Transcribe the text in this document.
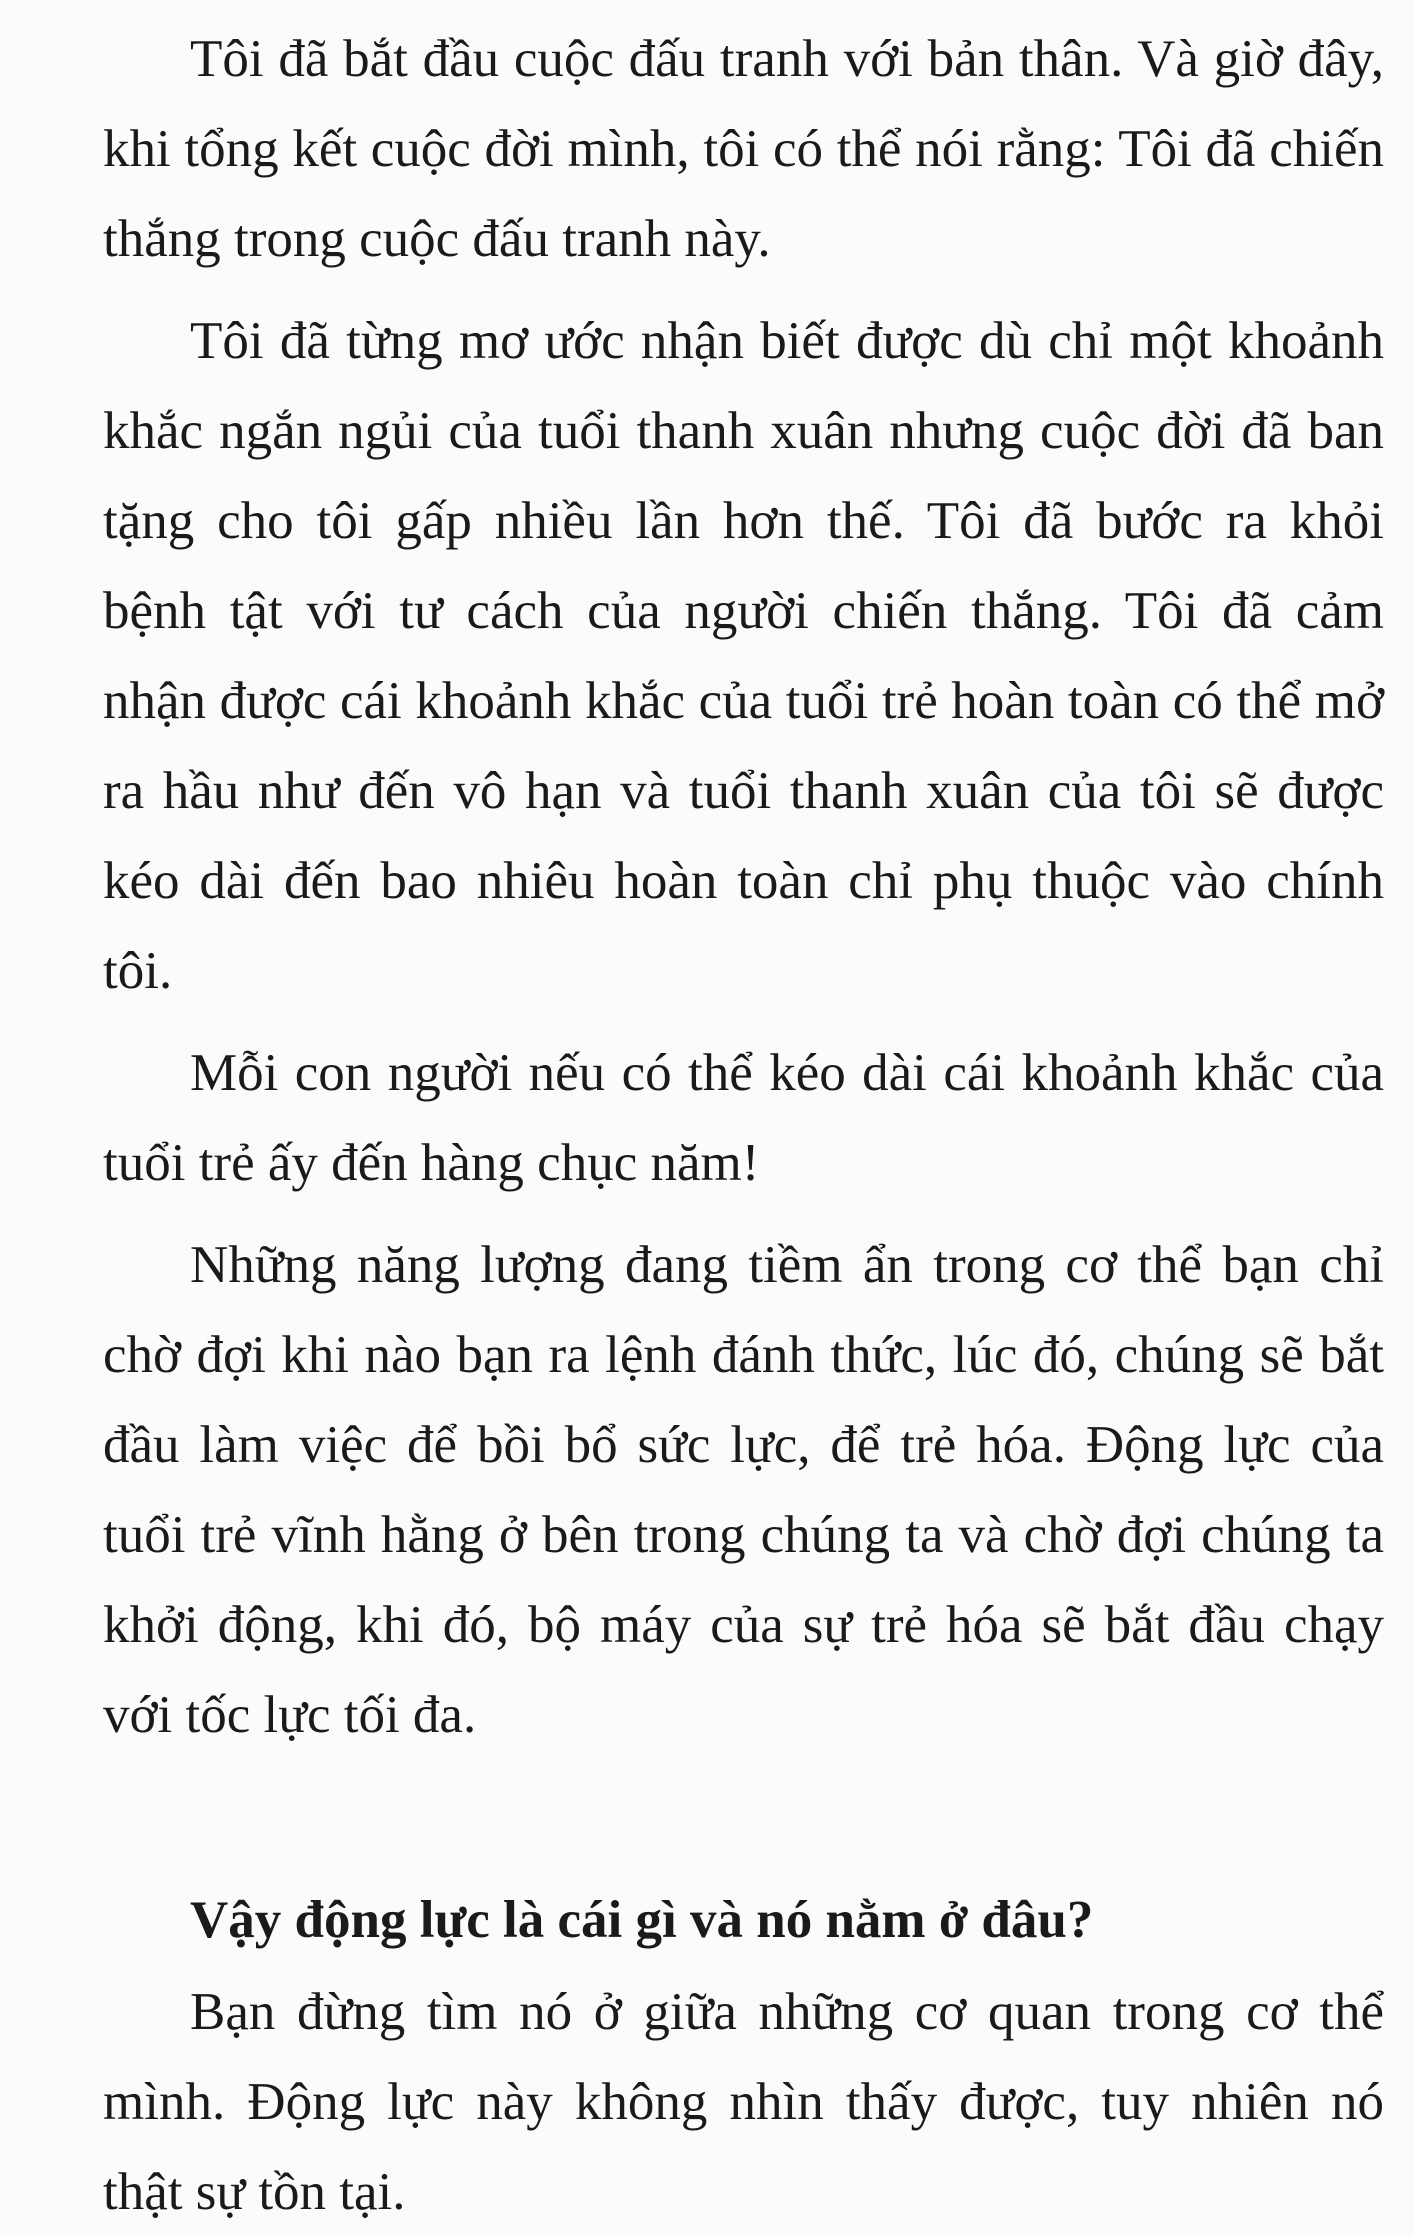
Tôi đã bắt đầu cuộc đấu tranh với bản thân. Và giờ đây, khi tổng kết cuộc đời mình, tôi có thể nói rằng: Tôi đã chiến thắng trong cuộc đấu tranh này.

Tôi đã từng mơ ước nhận biết được dù chỉ một khoảnh khắc ngắn ngủi của tuổi thanh xuân nhưng cuộc đời đã ban tặng cho tôi gấp nhiều lần hơn thế. Tôi đã bước ra khỏi bệnh tật với tư cách của người chiến thắng. Tôi đã cảm nhận được cái khoảnh khắc của tuổi trẻ hoàn toàn có thể mở ra hầu như đến vô hạn và tuổi thanh xuân của tôi sẽ được kéo dài đến bao nhiêu hoàn toàn chỉ phụ thuộc vào chính tôi.

Mỗi con người nếu có thể kéo dài cái khoảnh khắc của tuổi trẻ ấy đến hàng chục năm!

Những năng lượng đang tiềm ẩn trong cơ thể bạn chỉ chờ đợi khi nào bạn ra lệnh đánh thức, lúc đó, chúng sẽ bắt đầu làm việc để bồi bổ sức lực, để trẻ hóa. Động lực của tuổi trẻ vĩnh hằng ở bên trong chúng ta và chờ đợi chúng ta khởi động, khi đó, bộ máy của sự trẻ hóa sẽ bắt đầu chạy với tốc lực tối đa.

Vậy động lực là cái gì và nó nằm ở đâu?

Bạn đừng tìm nó ở giữa những cơ quan trong cơ thể mình. Động lực này không nhìn thấy được, tuy nhiên nó thật sự tồn tại.
